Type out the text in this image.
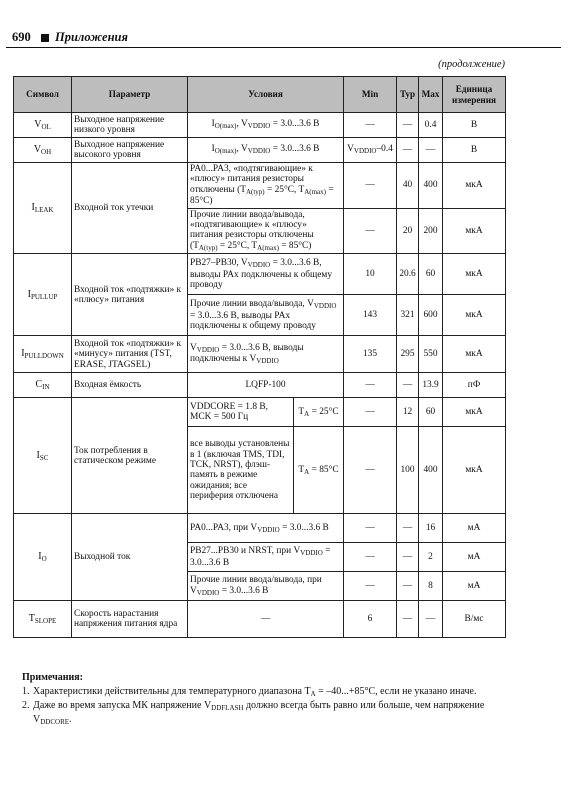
690 Приложения
(продолжение)
Символ	Параметр	Условия		Min	Typ	Max	Единица измерения
$V_{OL}$	Выходное напряжение низкого уровня	$I_{O(max)}$, $V_{VDDIO} = 3.0...3.6$ В		—	—	0.4	В
$V_{OH}$	Выходное напряжение высокого уровня	$I_{O(max)}$, $V_{VDDIO} = 3.0...3.6$ В		$V_{VDDIO}-0.4$	—	—	В
$I_{LEAK}$	Входной ток утечки	PA0...PA3, «подтягивающие» к «плюсу» питания резисторы отключены ($T_{A(typ)} = 25^\circ C$, $T_{A(max)} = 85^\circ C$)		—	40	400	мкА
		Прочие линии ввода/вывода, «подтягивающие» к «плюсу» питания резисторы отключены ($T_{A(typ)} = 25^\circ C$, $T_{A(max)} = 85^\circ C$)		—	20	200	мкА
$I_{PULLUP}$	Входной ток «подтяжки» к «плюсу» питания	PB27–PB30, $V_{VDDIO} = 3.0...3.6$ В, выводы PAx подключены к общему проводу		10	20.6	60	мкА
		Прочие линии ввода/вывода, $V_{VDDIO} = 3.0...3.6$ В, выводы PAx подключены к общему проводу		143	321	600	мкА
$I_{PULLDOWN}$	Входной ток «подтяжки» к «минусу» питания (TST, ERASE, JTAGSEL)	$V_{VDDIO} = 3.0...3.6$ В, выводы подключены к $V_{VDDIO}$		135	295	550	мкА
$C_{IN}$	Входная ёмкость	LQFP-100		—	—	13.9	пФ
$I_{SC}$	Ток потребления в статическом режиме	VDDCORE = 1.8 В, MCK = 500 Гц	$T_A = 25^\circ C$	—	12	60	мкА
		все выводы установлены в 1 (включая TMS, TDI, TCK, NRST), флэш-память в режиме ожидания; все периферия отключена	$T_A = 85^\circ C$	—	100	400	мкА
$I_O$	Выходной ток	PA0...PA3, при $V_{VDDIO} = 3.0...3.6$ В		—	—	16	мА
		PB27...PB30 и NRST, при $V_{VDDIO} = 3.0...3.6$ В		—	—	2	мА
		Прочие линии ввода/вывода, при $V_{VDDIO} = 3.0...3.6$ В		—	—	8	мА
$T_{SLOPE}$	Скорость нарастания напряжения питания ядра	—		6	—	—	В/мс
Примечания:
1. Характеристики действительны для температурного диапазона $T_A = -40...+85^\circ C$, если не указано иначе.
2. Даже во время запуска МК напряжение $V_{DDFLASH}$ должно всегда быть равно или больше, чем напряжение $V_{DDCORE}$.
